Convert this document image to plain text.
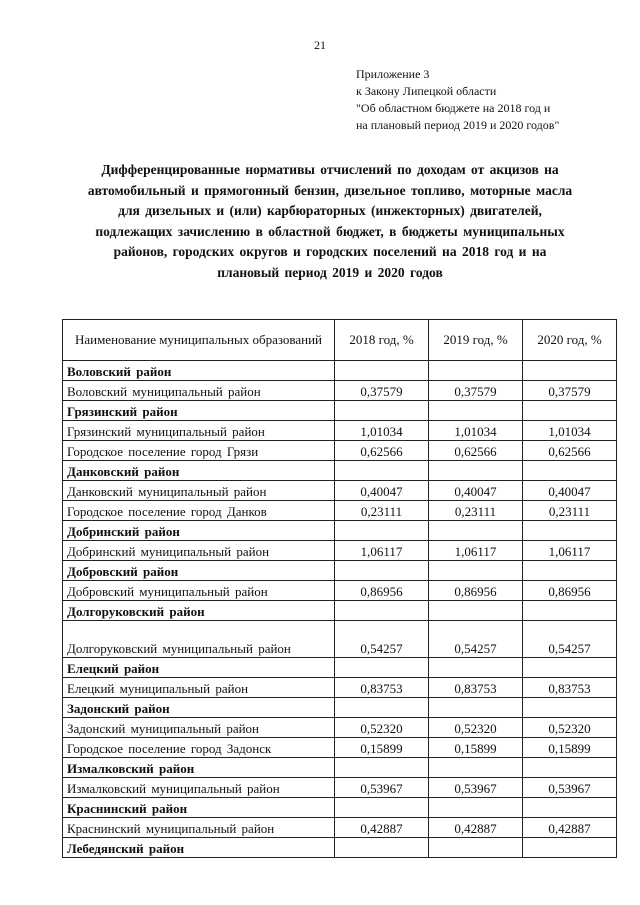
21
Приложение 3
к Закону Липецкой области
"Об областном бюджете на 2018 год и
на плановый период 2019 и 2020 годов"
Дифференцированные нормативы отчислений по доходам от акцизов на автомобильный и прямогонный бензин, дизельное топливо, моторные масла для дизельных и (или) карбюраторных (инжекторных) двигателей, подлежащих зачислению в областной бюджет, в бюджеты муниципальных районов, городских округов и городских поселений на 2018 год и на плановый период 2019 и 2020 годов
Наименование муниципальных образований	2018 год, %	2019 год, %	2020 год, %
Воловский район			
Воловский муниципальный район	0,37579	0,37579	0,37579
Грязинский район			
Грязинский муниципальный район	1,01034	1,01034	1,01034
Городское поселение город Грязи	0,62566	0,62566	0,62566
Данковский район			
Данковский муниципальный район	0,40047	0,40047	0,40047
Городское поселение город Данков	0,23111	0,23111	0,23111
Добринский район			
Добринский муниципальный район	1,06117	1,06117	1,06117
Добровский район			
Добровский муниципальный район	0,86956	0,86956	0,86956
Долгоруковский район			
Долгоруковский муниципальный район	0,54257	0,54257	0,54257
Елецкий район			
Елецкий муниципальный район	0,83753	0,83753	0,83753
Задонский район			
Задонский муниципальный район	0,52320	0,52320	0,52320
Городское поселение город Задонск	0,15899	0,15899	0,15899
Измалковский район			
Измалковский муниципальный район	0,53967	0,53967	0,53967
Краснинский район			
Краснинский муниципальный район	0,42887	0,42887	0,42887
Лебедянский район			
